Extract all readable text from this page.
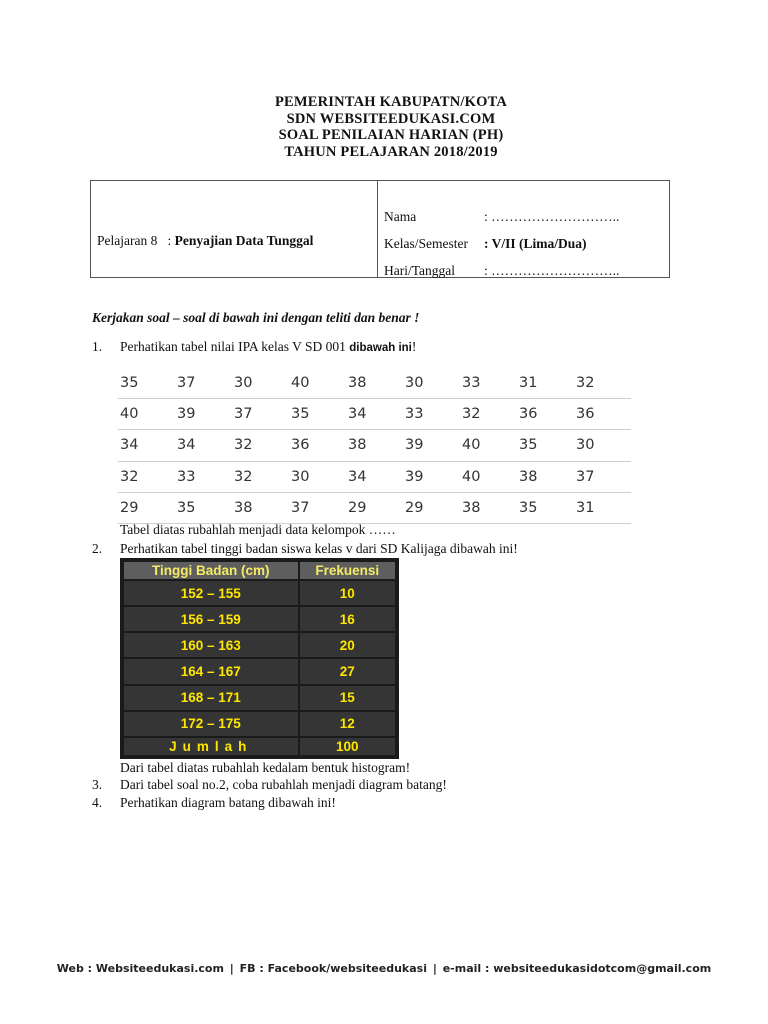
PEMERINTAH KABUPATN/KOTA
SDN WEBSITEEDUKASI.COM
SOAL PENILAIAN HARIAN (PH)
TAHUN PELAJARAN 2018/2019
Pelajaran 8 : Penyajian Data Tunggal
Nama	: ………………………..
Kelas/Semester : V/II (Lima/Dua)
Hari/Tanggal : ………………………..
Kerjakan soal – soal di bawah ini dengan teliti dan benar !
1. Perhatikan tabel nilai IPA kelas V SD 001 dibawah ini!
35	37	30	40	38	30	33	31	32
40	39	37	35	34	33	32	36	36
34	34	32	36	38	39	40	35	30
32	33	32	30	34	39	40	38	37
29	35	38	37	29	29	38	35	31
Tabel diatas rubahlah menjadi data kelompok ……
2. Perhatikan tabel tinggi badan siswa kelas v dari SD Kalijaga dibawah ini!
Tinggi Badan (cm)	Frekuensi
152 – 155	10
156 – 159	16
160 – 163	20
164 – 167	27
168 – 171	15
172 – 175	12
Jumlah	100
Dari tabel diatas rubahlah kedalam bentuk histogram!
3. Dari tabel soal no.2, coba rubahlah menjadi diagram batang!
4. Perhatikan diagram batang dibawah ini!
Web : Websiteedukasi.com | FB : Facebook/websiteedukasi | e-mail : websiteedukasidotcom@gmail.com
